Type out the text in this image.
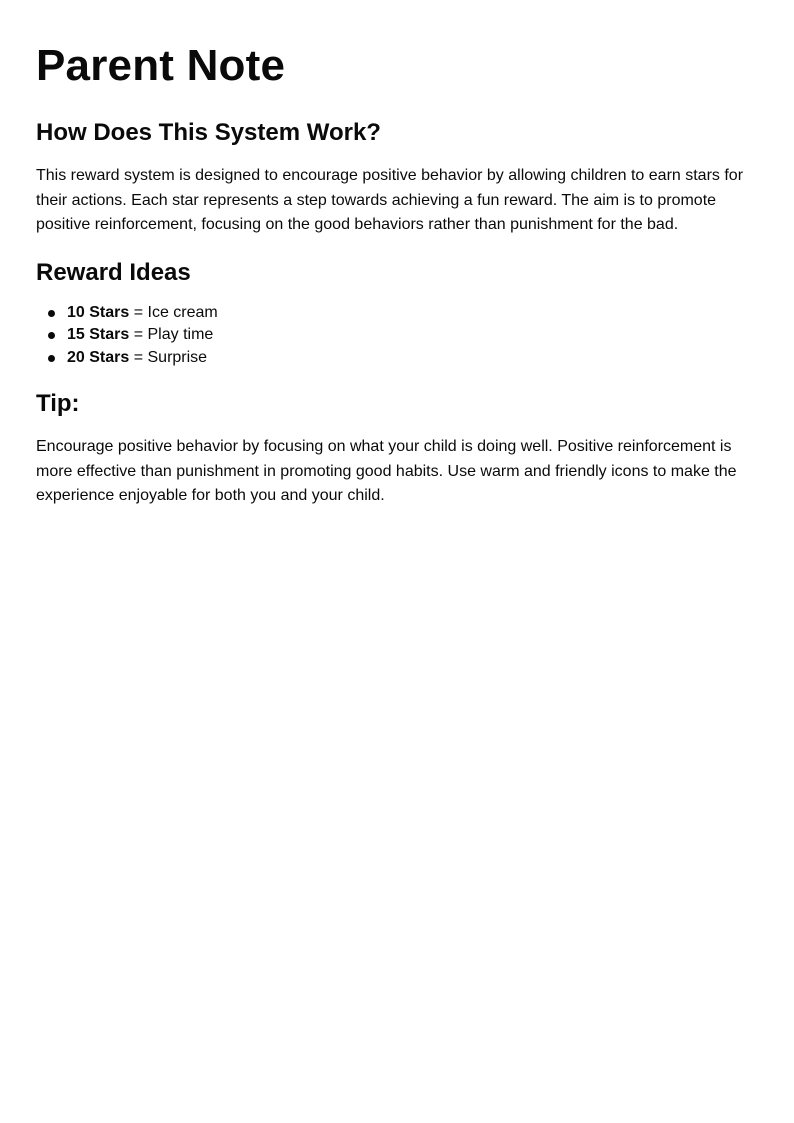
Parent Note
How Does This System Work?

This reward system is designed to encourage positive behavior by allowing children to earn stars for their actions. Each star represents a step towards achieving a fun reward. The aim is to promote positive reinforcement, focusing on the good behaviors rather than punishment for the bad.

Reward Ideas
10 Stars = Ice cream
15 Stars = Play time
20 Stars = Surprise
Tip:

Encourage positive behavior by focusing on what your child is doing well. Positive reinforcement is more effective than punishment in promoting good habits. Use warm and friendly icons to make the experience enjoyable for both you and your child.
